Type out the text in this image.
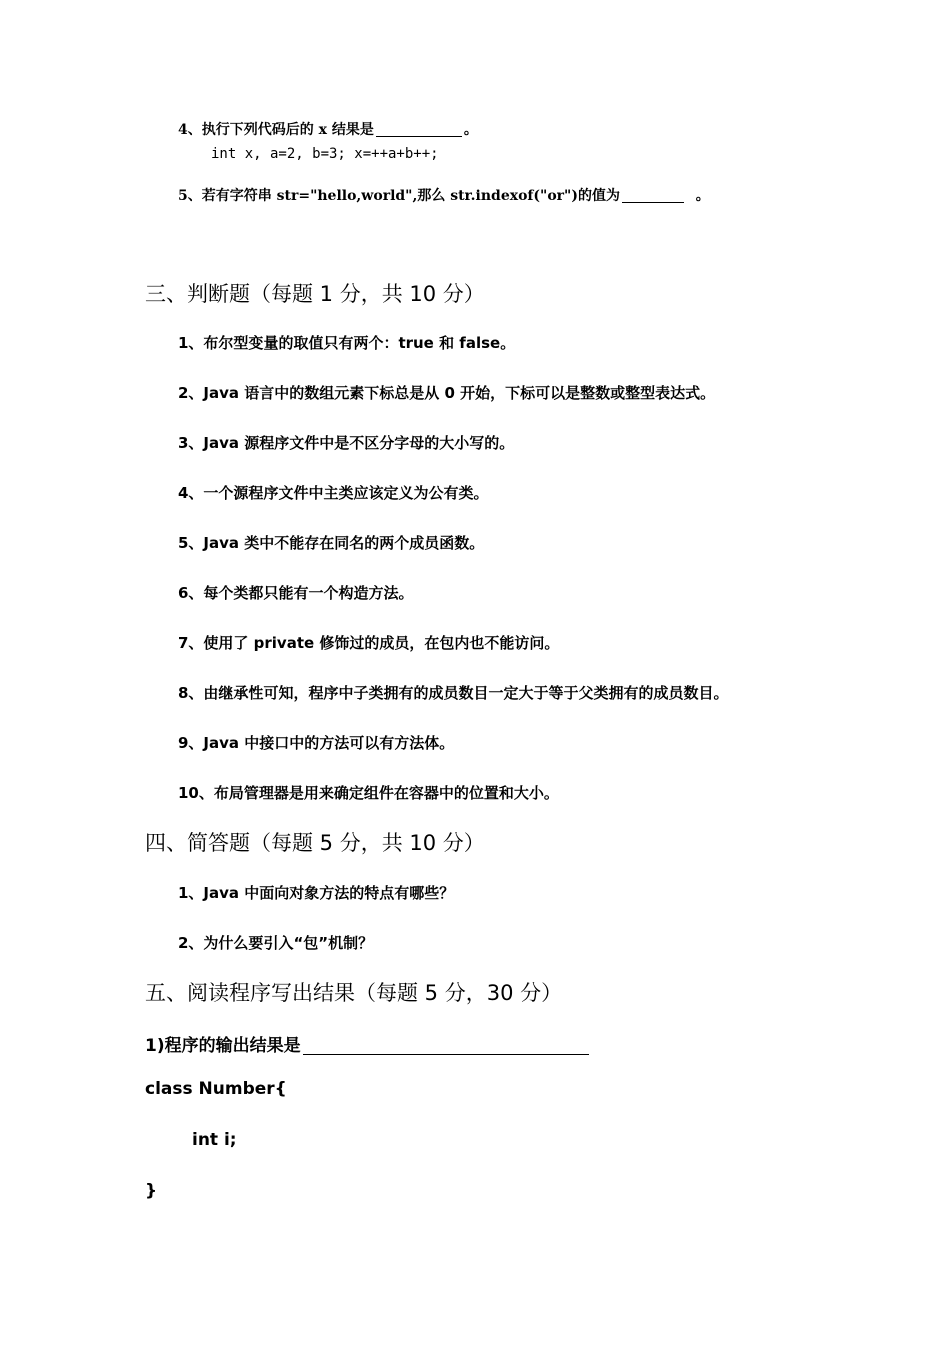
4、执行下列代码后的 x 结果是	。
int x, a=2, b=3; x=++a+b++;
5、若有字符串 str="hello,world",那么 str.indexof("or")的值为	。
三、判断题（每题 1 分，共 10 分）
1、布尔型变量的取值只有两个：true 和 false。
2、Java 语言中的数组元素下标总是从 0 开始，下标可以是整数或整型表达式。
3、Java 源程序文件中是不区分字母的大小写的。
4、一个源程序文件中主类应该定义为公有类。
5、Java 类中不能存在同名的两个成员函数。
6、每个类都只能有一个构造方法。
7、使用了 private 修饰过的成员，在包内也不能访问。
8、由继承性可知，程序中子类拥有的成员数目一定大于等于父类拥有的成员数目。
9、Java 中接口中的方法可以有方法体。
10、布局管理器是用来确定组件在容器中的位置和大小。
四、简答题（每题 5 分，共 10 分）
1、Java 中面向对象方法的特点有哪些？
2、为什么要引入“包”机制？
五、阅读程序写出结果（每题 5 分，30 分）
1)程序的输出结果是
class Number{
int i;
}
